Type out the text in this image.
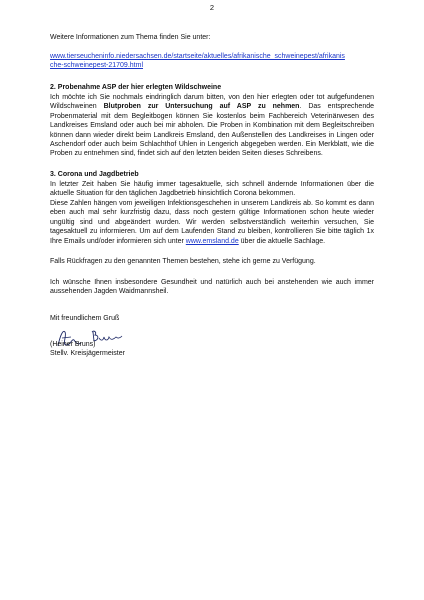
2
Weitere Informationen zum Thema finden Sie unter:
www.tierseucheninfo.niedersachsen.de/startseite/aktuelles/afrikanische_schweinepest/afrikanis
che-schweinepest-21709.html
2. Probenahme ASP der hier erlegten Wildschweine
Ich möchte ich Sie nochmals eindringlich darum bitten, von den hier erlegten oder tot aufgefundenen Wildschweinen Blutproben zur Untersuchung auf ASP zu nehmen. Das entsprechende Probenmaterial mit dem Begleitbogen können Sie kostenlos beim Fachbereich Veterinärwesen des Landkreises Emsland oder auch bei mir abholen. Die Proben in Kombination mit dem Begleitschreiben können dann wieder direkt beim Landkreis Emsland, den Außenstellen des Landkreises in Lingen oder Aschendorf oder auch beim Schlachthof Uhlen in Lengerich abgegeben werden. Ein Merkblatt, wie die Proben zu entnehmen sind, findet sich auf den letzten beiden Seiten dieses Schreibens.
3. Corona und Jagdbetrieb
In letzter Zeit haben Sie häufig immer tagesaktuelle, sich schnell ändernde Informationen über die aktuelle Situation für den täglichen Jagdbetrieb hinsichtlich Corona bekommen.
Diese Zahlen hängen vom jeweiligen Infektionsgeschehen in unserem Landkreis ab. So kommt es dann eben auch mal sehr kurzfristig dazu, dass noch gestern gültige Informationen schon heute wieder ungültig sind und abgeändert wurden. Wir werden selbstverständlich weiterhin versuchen, Sie tagesaktuell zu informieren. Um auf dem Laufenden Stand zu bleiben, kontrollieren Sie bitte täglich 1x Ihre Emails und/oder informieren sich unter www.emsland.de über die aktuelle Sachlage.
Falls Rückfragen zu den genannten Themen bestehen, stehe ich gerne zu Verfügung.
Ich wünsche Ihnen insbesondere Gesundheit und natürlich auch bei anstehenden wie auch immer aussehenden Jagden Waidmannsheil.
Mit freundlichem Gruß
(Heiner Bruns)
Stellv. Kreisjägermeister
